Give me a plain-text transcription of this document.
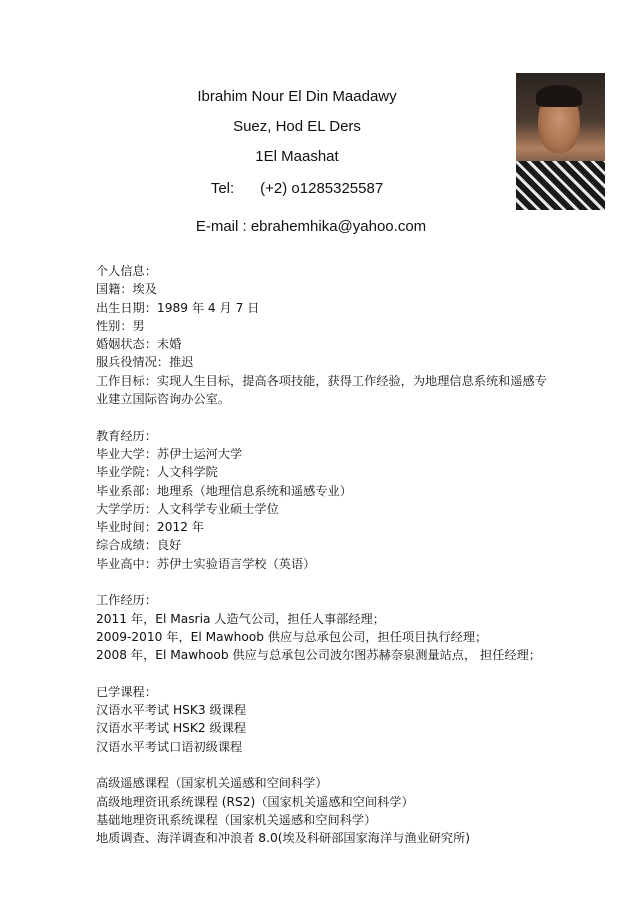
Ibrahim Nour El Din Maadawy
Suez, Hod EL Ders
1El Maashat
Tel: (+2) o1285325587
E-mail : ebrahemhika@yahoo.com
个人信息：
国籍：埃及
出生日期：1989 年 4 月 7 日
性别：男
婚姻状态：未婚
服兵役情况：推迟
工作目标：实现人生目标，提高各项技能，获得工作经验，为地理信息系统和遥感专业建立国际咨询办公室。
教育经历：
毕业大学：苏伊士运河大学
毕业学院：人文科学院
毕业系部：地理系（地理信息系统和遥感专业）
大学学历：人文科学专业硕士学位
毕业时间：2012 年
综合成绩：良好
毕业高中：苏伊士实验语言学校（英语）
工作经历：
2011 年，El Masria 人造气公司，担任人事部经理；
2009-2010 年，El Mawhoob 供应与总承包公司，担任项目执行经理；
2008 年，El Mawhoob 供应与总承包公司波尔图苏赫奈泉测量站点， 担任经理；
已学课程：
汉语水平考试 HSK3 级课程
汉语水平考试 HSK2 级课程
汉语水平考试口语初级课程
高级遥感课程（国家机关遥感和空间科学）
高级地理资讯系统课程 (RS2)（国家机关遥感和空间科学）
基础地理资讯系统课程（国家机关遥感和空间科学）
地质调查、海洋调查和冲浪者 8.0(埃及科研部国家海洋与渔业研究所)
